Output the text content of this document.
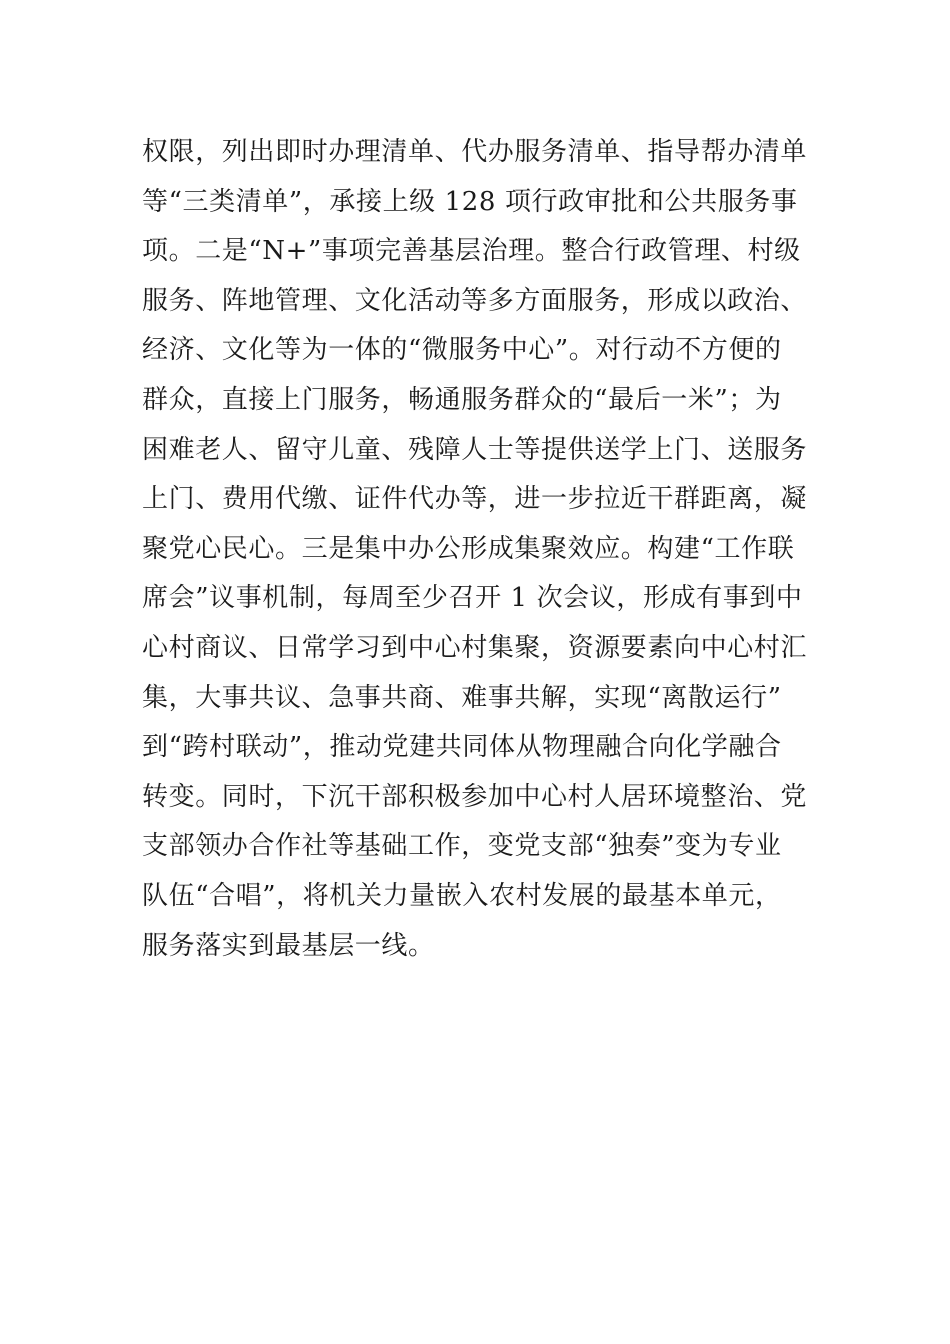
权限，列出即时办理清单、代办服务清单、指导帮办清单
等“三类清单”，承接上级 128 项行政审批和公共服务事
项。二是“N+”事项完善基层治理。整合行政管理、村级
服务、阵地管理、文化活动等多方面服务，形成以政治、
经济、文化等为一体的“微服务中心”。对行动不方便的
群众，直接上门服务，畅通服务群众的“最后一米”；为
困难老人、留守儿童、残障人士等提供送学上门、送服务
上门、费用代缴、证件代办等，进一步拉近干群距离，凝
聚党心民心。三是集中办公形成集聚效应。构建“工作联
席会”议事机制，每周至少召开 1 次会议，形成有事到中
心村商议、日常学习到中心村集聚，资源要素向中心村汇
集，大事共议、急事共商、难事共解，实现“离散运行”
到“跨村联动”，推动党建共同体从物理融合向化学融合
转变。同时，下沉干部积极参加中心村人居环境整治、党
支部领办合作社等基础工作，变党支部“独奏”变为专业
队伍“合唱”，将机关力量嵌入农村发展的最基本单元，
服务落实到最基层一线。
